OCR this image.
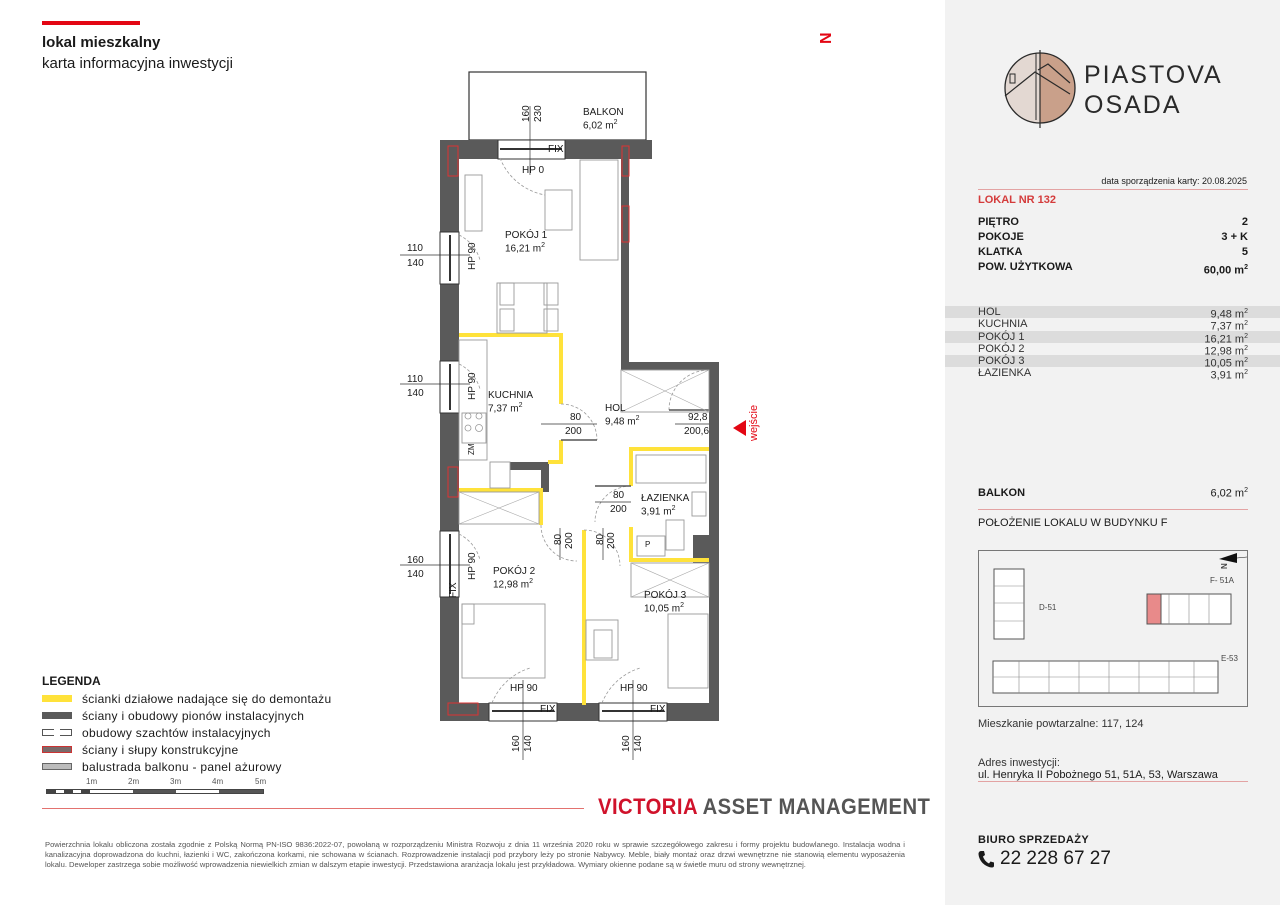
lokal mieszkalny
karta informacyjna inwestycji
BALKON
6,02 $m^2$
POKÓJ 1
16,21 $m^2$
KUCHNIA
7,37 $m^2$	HOL
9,48 $m^2$
ŁAZIENKA
3,91 $m^2$
POKÓJ 2
12,98 $m^2$
POKÓJ 3
10,05 $m^2$
160 230
HP 0
FIX
110
140	HP 90
110
140	HP 90
ZM
160
140	HP 90
FIX
HP 90
FIX
160 140
HP 90
FIX
160 140
80
200
92,8
200,6
80
200
80 200 80 200	P
wejście
N
LEGENDA
ścianki działowe nadające się do demontażu
ściany i obudowy pionów instalacyjnych
obudowy szachtów instalacyjnych
ściany i słupy konstrukcyjne
balustrada balkonu - panel ażurowy
1m	2m	3m	4m	5m
VICTORIA ASSET MANAGEMENT
Powierzchnia lokalu obliczona została zgodnie z Polską Normą PN-ISO 9836:2022-07, powołaną w rozporządzeniu Ministra Rozwoju z dnia 11 września 2020 roku w sprawie szczegółowego zakresu i formy projektu budowlanego. Instalacja wodna i kanalizacyjna doprowadzona do kuchni, łazienki i WC, zakończona korkami, nie schowana w ścianach. Rozprowadzenie instalacji pod przybory leży po stronie Nabywcy. Meble, biały montaż oraz drzwi wewnętrzne nie stanowią elementu wyposażenia lokalu. Deweloper zastrzega sobie możliwość wprowadzenia niewielkich zmian w dalszym etapie inwestycji. Przedstawiona aranżacja lokalu jest przykładowa. Wymiary okienne podane są w świetle muru od strony wewnętrznej.
PIASTOVA
OSADA
data sporządzenia karty: 20.08.2025
LOKAL NR 132
PIĘTRO	2
POKOJE	3 + K
KLATKA	5
POW. UŻYTKOWA	60,00 $m^2$
HOL	9,48 $m^2$
KUCHNIA	7,37 $m^2$
POKÓJ 1	16,21 $m^2$
POKÓJ 2	12,98 $m^2$
POKÓJ 3	10,05 $m^2$
ŁAZIENKA	3,91 $m^2$
BALKON	6,02 $m^2$
POŁOŻENIE LOKALU W BUDYNKU F
D-51
F- 51A
E-53
N
Mieszkanie powtarzalne: 117, 124
Adres inwestycji:
ul. Henryka II Pobożnego 51, 51A, 53, Warszawa
BIURO SPRZEDAŻY
22 228 67 27
